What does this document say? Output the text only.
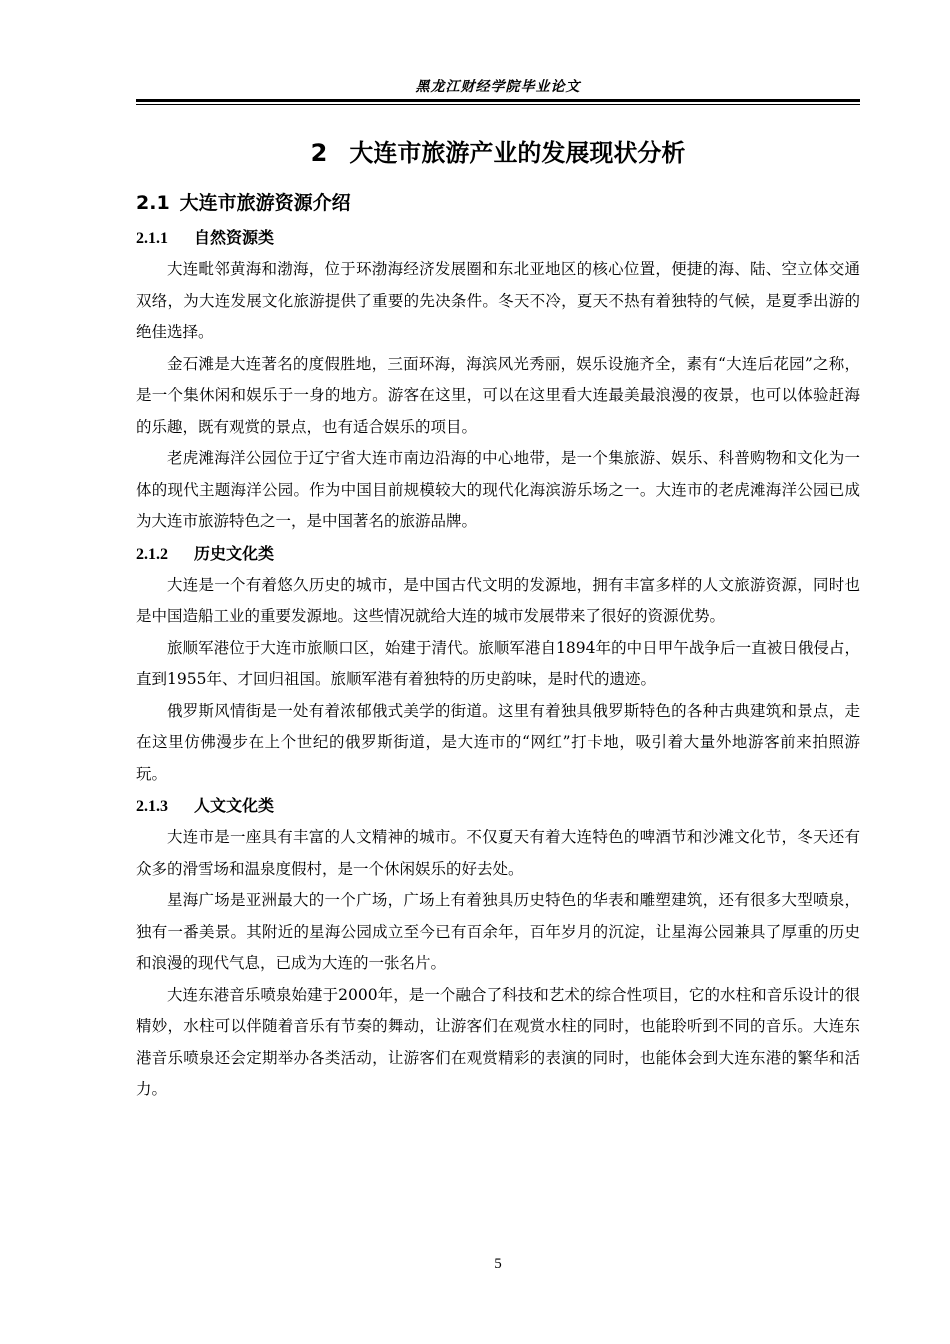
黑龙江财经学院毕业论文
2 大连市旅游产业的发展现状分析
2.1 大连市旅游资源介绍
2.1.1 自然资源类

大连毗邻黄海和渤海，位于环渤海经济发展圈和东北亚地区的核心位置，便捷的海、陆、空立体交通双络，为大连发展文化旅游提供了重要的先决条件。冬天不冷，夏天不热有着独特的气候，是夏季出游的绝佳选择。

金石滩是大连著名的度假胜地，三面环海，海滨风光秀丽，娱乐设施齐全，素有“大连后花园”之称，是一个集休闲和娱乐于一身的地方。游客在这里，可以在这里看大连最美最浪漫的夜景，也可以体验赶海的乐趣，既有观赏的景点，也有适合娱乐的项目。

老虎滩海洋公园位于辽宁省大连市南边沿海的中心地带，是一个集旅游、娱乐、科普购物和文化为一体的现代主题海洋公园。作为中国目前规模较大的现代化海滨游乐场之一。大连市的老虎滩海洋公园已成为大连市旅游特色之一，是中国著名的旅游品牌。

2.1.2 历史文化类

大连是一个有着悠久历史的城市，是中国古代文明的发源地，拥有丰富多样的人文旅游资源，同时也是中国造船工业的重要发源地。这些情况就给大连的城市发展带来了很好的资源优势。

旅顺军港位于大连市旅顺口区，始建于清代。旅顺军港自1894年的中日甲午战争后一直被日俄侵占，直到1955年、才回归祖国。旅顺军港有着独特的历史韵味，是时代的遗迹。

俄罗斯风情街是一处有着浓郁俄式美学的街道。这里有着独具俄罗斯特色的各种古典建筑和景点，走在这里仿佛漫步在上个世纪的俄罗斯街道，是大连市的“网红”打卡地，吸引着大量外地游客前来拍照游玩。

2.1.3 人文文化类

大连市是一座具有丰富的人文精神的城市。不仅夏天有着大连特色的啤酒节和沙滩文化节，冬天还有众多的滑雪场和温泉度假村，是一个休闲娱乐的好去处。

星海广场是亚洲最大的一个广场，广场上有着独具历史特色的华表和雕塑建筑，还有很多大型喷泉，独有一番美景。其附近的星海公园成立至今已有百余年，百年岁月的沉淀，让星海公园兼具了厚重的历史和浪漫的现代气息，已成为大连的一张名片。

大连东港音乐喷泉始建于2000年，是一个融合了科技和艺术的综合性项目，它的水柱和音乐设计的很精妙，水柱可以伴随着音乐有节奏的舞动，让游客们在观赏水柱的同时，也能聆听到不同的音乐。大连东港音乐喷泉还会定期举办各类活动，让游客们在观赏精彩的表演的同时，也能体会到大连东港的繁华和活力。

5
